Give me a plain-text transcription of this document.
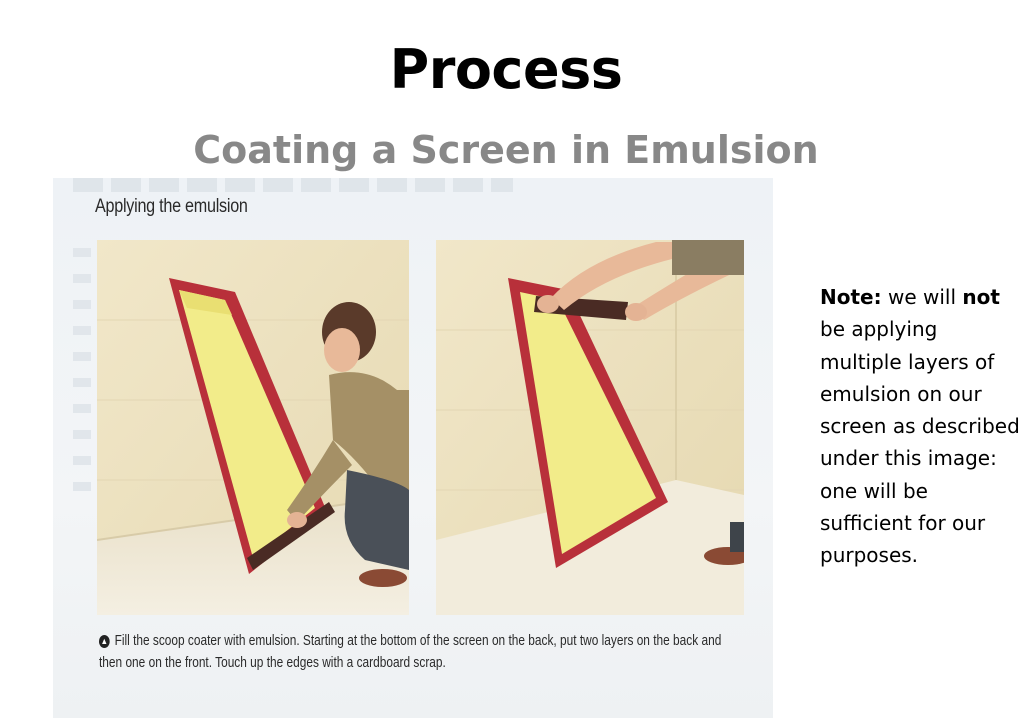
Process
Coating a Screen in Emulsion
Applying the emulsion
▲ Fill the scoop coater with emulsion. Starting at the bottom of the screen on the back, put two layers on the back and then one on the front. Touch up the edges with a cardboard scrap.
Note: we will not be applying multiple layers of emulsion on our screen as described under this image: one will be sufficient for our purposes.
